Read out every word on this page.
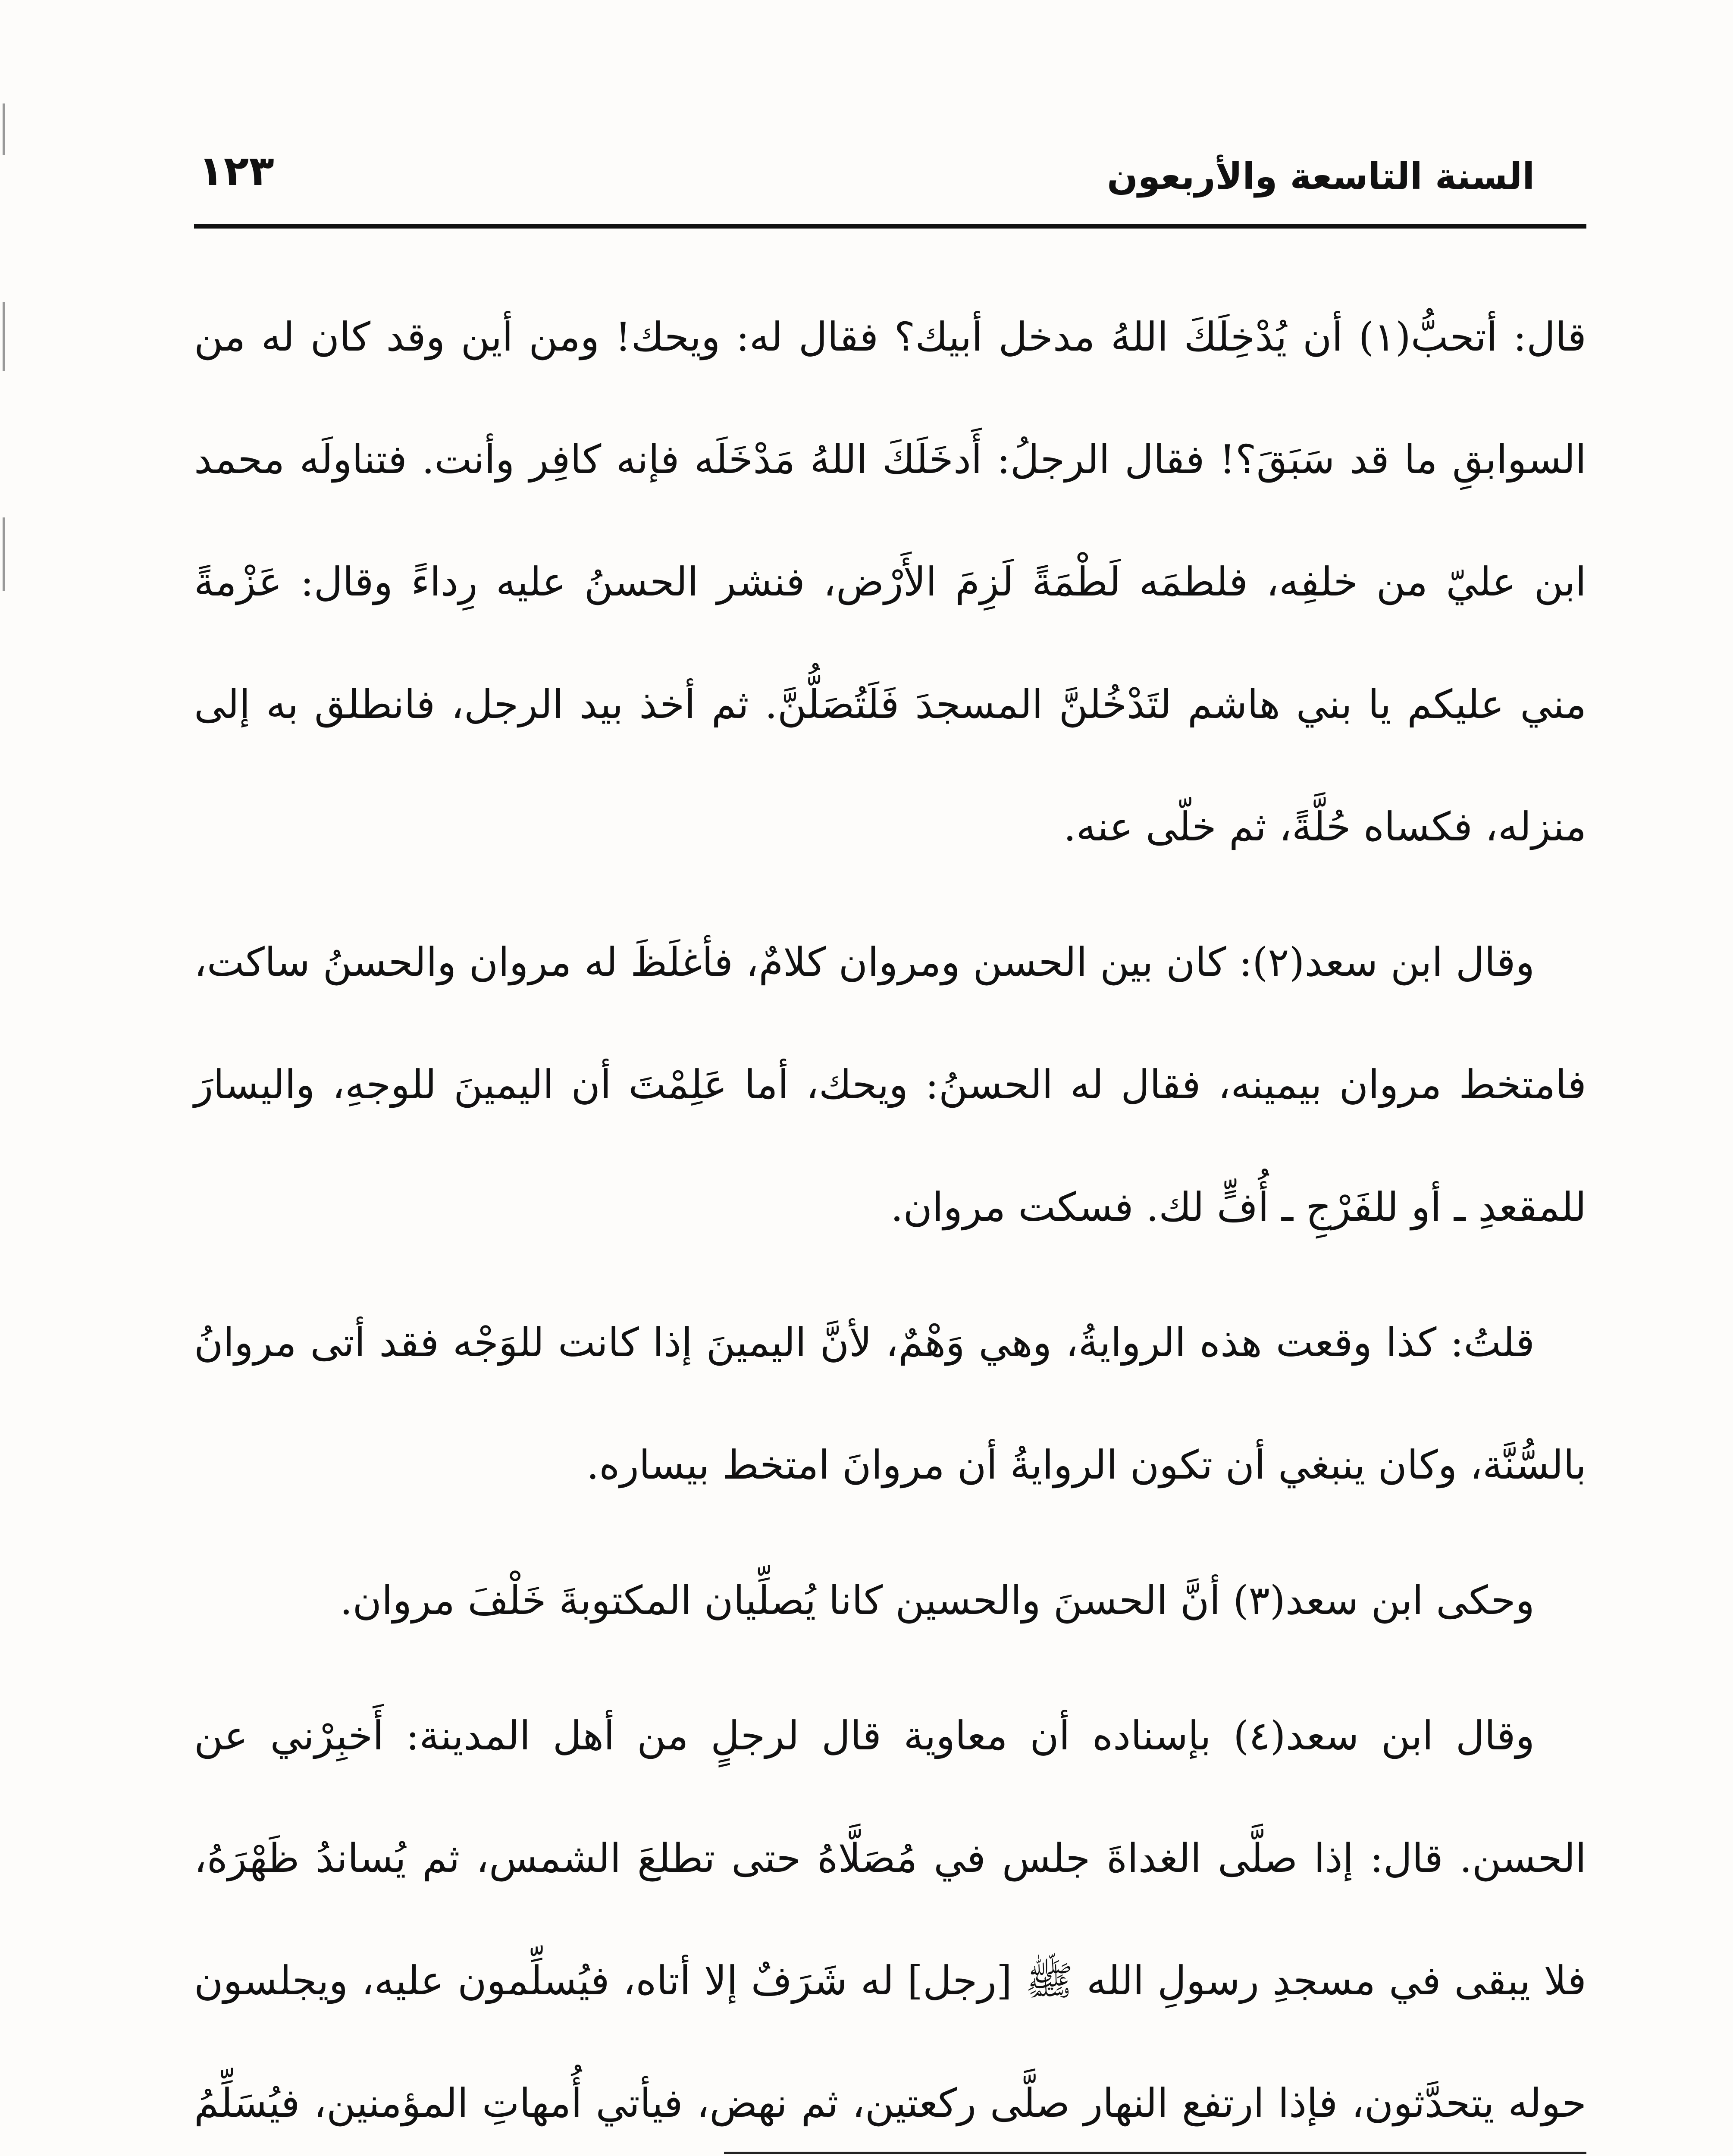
السنة التاسعة والأربعون
١٢٣

قال: أتحبُّ(١) أن يُدْخِلَكَ اللهُ مدخل أبيك؟ فقال له: ويحك! ومن أين وقد كان له من السوابقِ ما قد سَبَقَ؟! فقال الرجلُ: أَدخَلَكَ اللهُ مَدْخَلَه فإنه كافِر وأنت. فتناولَه محمد ابن عليّ من خلفِه، فلطمَه لَطْمَةً لَزِمَ الأَرْض، فنشر الحسنُ عليه رِداءً وقال: عَزْمةً مني عليكم يا بني هاشم لتَدْخُلنَّ المسجدَ فَلَتُصَلُّنَّ. ثم أخذ بيد الرجل، فانطلق به إلى منزله، فكساه حُلَّةً، ثم خلّى عنه.

وقال ابن سعد(٢): كان بين الحسن ومروان كلامٌ، فأغلَظَ له مروان والحسنُ ساكت، فامتخط مروان بيمينه، فقال له الحسنُ: ويحك، أما عَلِمْتَ أن اليمينَ للوجهِ، واليسارَ للمقعدِ ـ أو للفَرْجِ ـ أُفٍّ لك. فسكت مروان.

قلتُ: كذا وقعت هذه الروايةُ، وهي وَهْمٌ، لأنَّ اليمينَ إذا كانت للوَجْه فقد أتى مروانُ بالسُّنَّة، وكان ينبغي أن تكون الروايةُ أن مروانَ امتخط بيساره.

وحكى ابن سعد(٣) أنَّ الحسنَ والحسين كانا يُصلِّيان المكتوبةَ خَلْفَ مروان.

وقال ابن سعد(٤) بإسناده أن معاوية قال لرجلٍ من أهل المدينة: أَخبِرْني عن الحسن. قال: إذا صلَّى الغداةَ جلس في مُصَلَّاهُ حتى تطلعَ الشمس، ثم يُساندُ ظَهْرَهُ، فلا يبقى في مسجدِ رسولِ الله ﷺ [رجل] له شَرَفٌ إلا أتاه، فيُسلِّمون عليه، ويجلسون حوله يتحدَّثون، فإذا ارتفع النهار صلَّى ركعتين، ثم نهض، فيأتي أُمهاتِ المؤمنين، فيُسَلِّمُ
